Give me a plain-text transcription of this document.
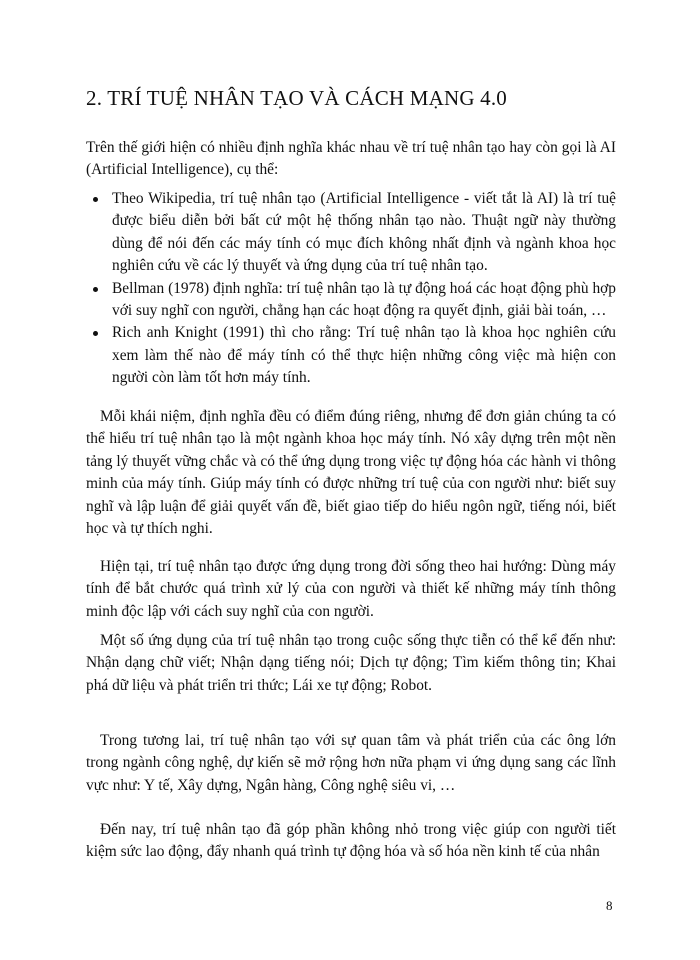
2. TRÍ TUỆ NHÂN TẠO VÀ CÁCH MẠNG 4.0

Trên thế giới hiện có nhiều định nghĩa khác nhau về trí tuệ nhân tạo hay còn gọi là AI (Artificial Intelligence), cụ thể:

Theo Wikipedia, trí tuệ nhân tạo (Artificial Intelligence - viết tắt là AI) là trí tuệ được biểu diễn bởi bất cứ một hệ thống nhân tạo nào. Thuật ngữ này thường dùng để nói đến các máy tính có mục đích không nhất định và ngành khoa học nghiên cứu về các lý thuyết và ứng dụng của trí tuệ nhân tạo.
Bellman (1978) định nghĩa: trí tuệ nhân tạo là tự động hoá các hoạt động phù hợp với suy nghĩ con người, chẳng hạn các hoạt động ra quyết định, giải bài toán, …
Rich anh Knight (1991) thì cho rằng: Trí tuệ nhân tạo là khoa học nghiên cứu xem làm thế nào để máy tính có thể thực hiện những công việc mà hiện con người còn làm tốt hơn máy tính.

Mỗi khái niệm, định nghĩa đều có điểm đúng riêng, nhưng để đơn giản chúng ta có thể hiểu trí tuệ nhân tạo là một ngành khoa học máy tính. Nó xây dựng trên một nền tảng lý thuyết vững chắc và có thể ứng dụng trong việc tự động hóa các hành vi thông minh của máy tính. Giúp máy tính có được những trí tuệ của con người như: biết suy nghĩ và lập luận để giải quyết vấn đề, biết giao tiếp do hiểu ngôn ngữ, tiếng nói, biết học và tự thích nghi.

Hiện tại, trí tuệ nhân tạo được ứng dụng trong đời sống theo hai hướng: Dùng máy tính để bắt chước quá trình xử lý của con người và thiết kế những máy tính thông minh độc lập với cách suy nghĩ của con người.

Một số ứng dụng của trí tuệ nhân tạo trong cuộc sống thực tiễn có thể kể đến như: Nhận dạng chữ viết; Nhận dạng tiếng nói; Dịch tự động; Tìm kiếm thông tin; Khai phá dữ liệu và phát triển tri thức; Lái xe tự động; Robot.

Trong tương lai, trí tuệ nhân tạo với sự quan tâm và phát triển của các ông lớn trong ngành công nghệ, dự kiến sẽ mở rộng hơn nữa phạm vi ứng dụng sang các lĩnh vực như: Y tế, Xây dựng, Ngân hàng, Công nghệ siêu vi, …

Đến nay, trí tuệ nhân tạo đã góp phần không nhỏ trong việc giúp con người tiết kiệm sức lao động, đẩy nhanh quá trình tự động hóa và số hóa nền kinh tế của nhân

8
